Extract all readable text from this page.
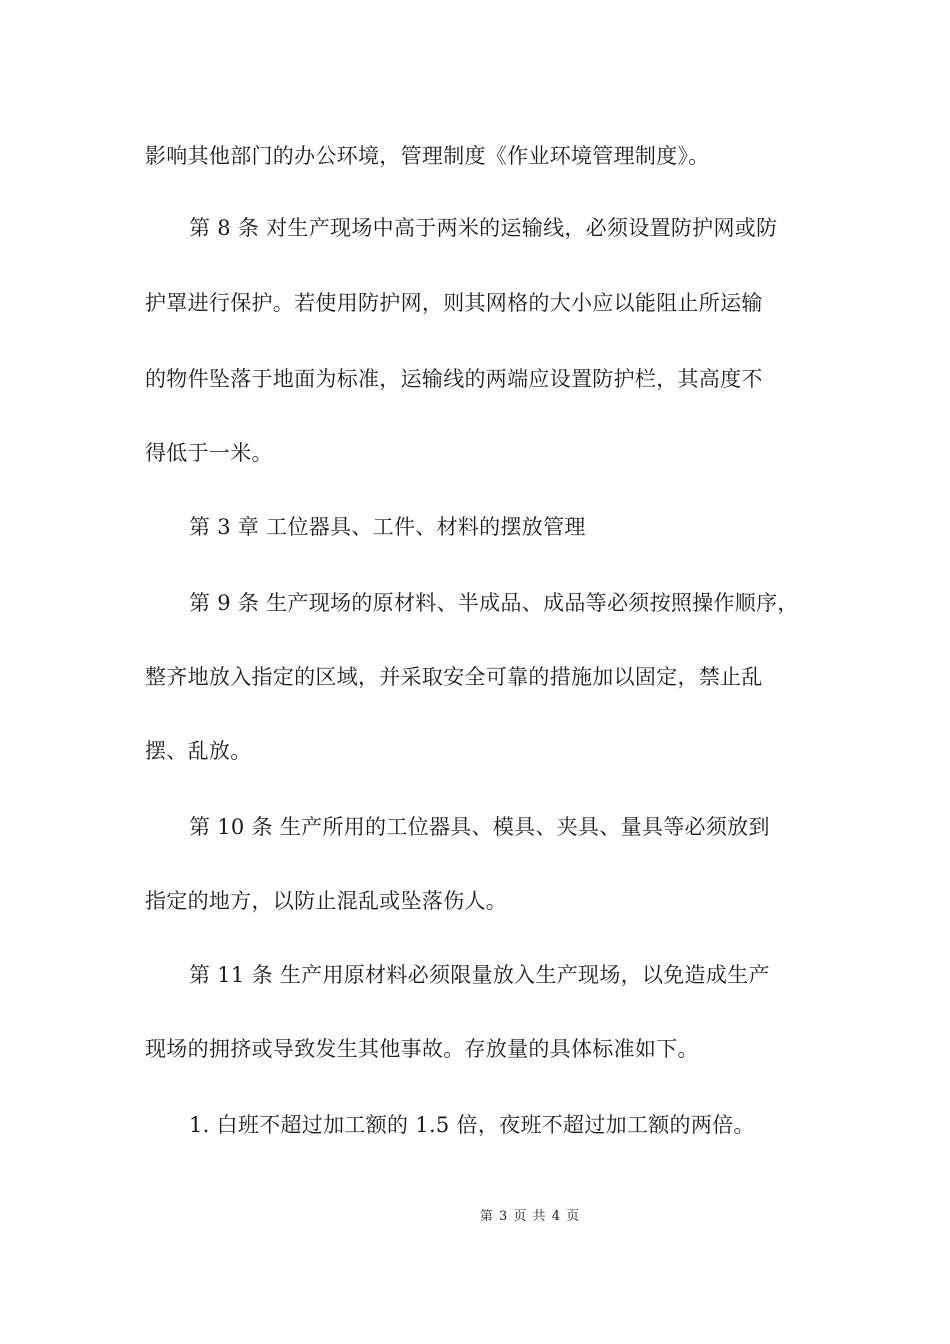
影响其他部门的办公环境，管理制度《作业环境管理制度》。
第 8 条 对生产现场中高于两米的运输线，必须设置防护网或防
护罩进行保护。若使用防护网，则其网格的大小应以能阻止所运输
的物件坠落于地面为标准，运输线的两端应设置防护栏，其高度不
得低于一米。
第 3 章 工位器具、工件、材料的摆放管理
第 9 条 生产现场的原材料、半成品、成品等必须按照操作顺序，
整齐地放入指定的区域，并采取安全可靠的措施加以固定，禁止乱
摆、乱放。
第 10 条 生产所用的工位器具、模具、夹具、量具等必须放到
指定的地方，以防止混乱或坠落伤人。
第 11 条 生产用原材料必须限量放入生产现场，以免造成生产
现场的拥挤或导致发生其他事故。存放量的具体标准如下。
1. 白班不超过加工额的 1.5 倍，夜班不超过加工额的两倍。
第 3 页 共 4 页
